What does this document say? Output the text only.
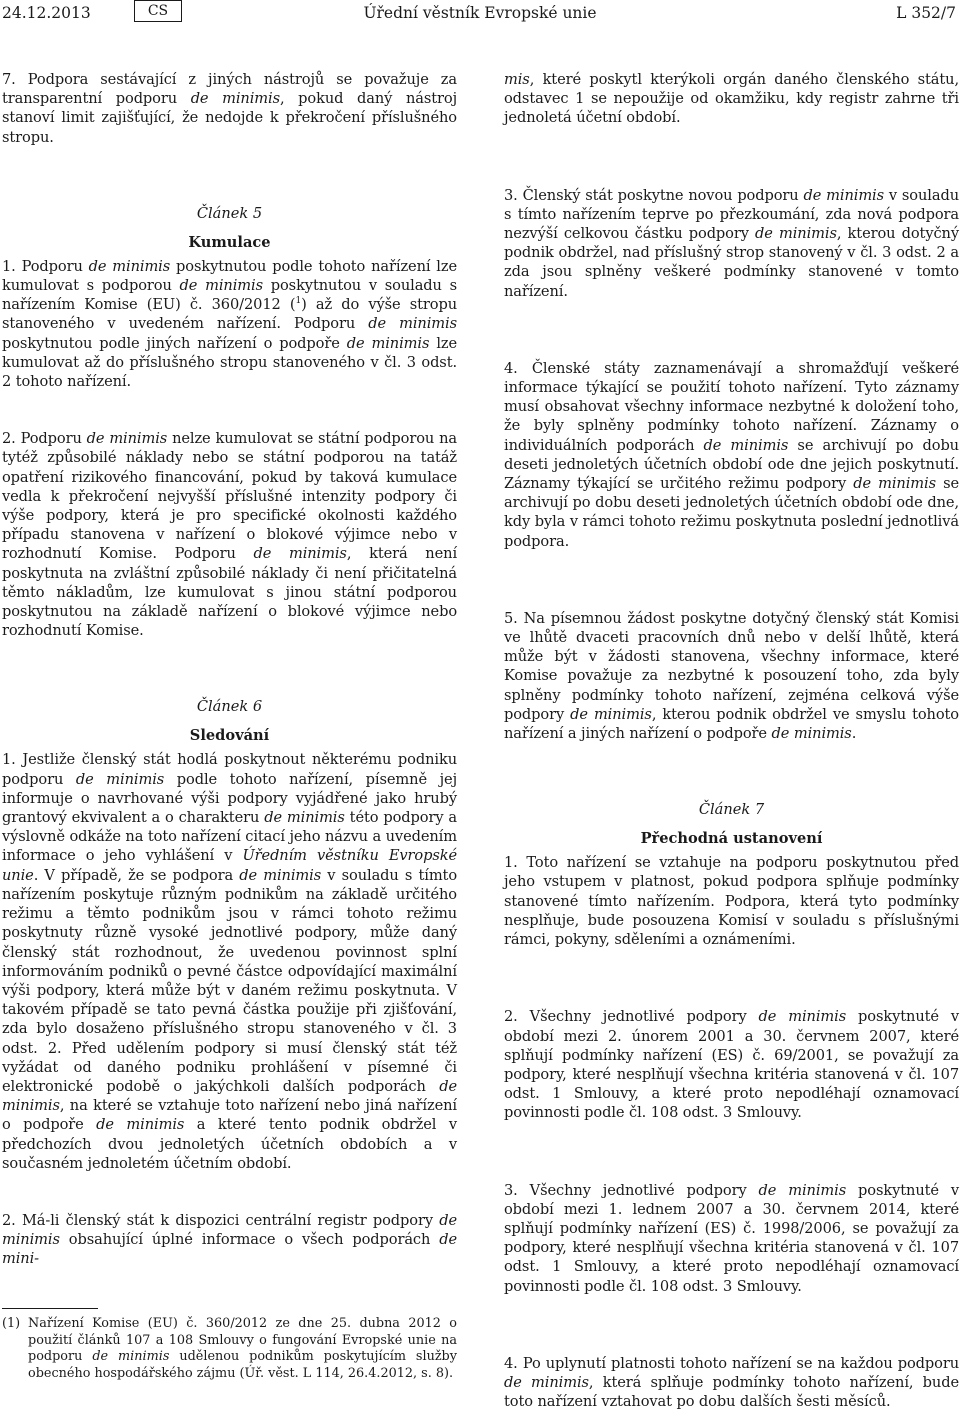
24.12.2013	CS	Úřední věstník Evropské unie	L 352/7

7. Podpora sestávající z jiných nástrojů se považuje za transparentní podporu de minimis, pokud daný nástroj stanoví limit zajišťující, že nedojde k překročení příslušného stropu.

Článek 5

Kumulace

1. Podporu de minimis poskytnutou podle tohoto nařízení lze kumulovat s podporou de minimis poskytnutou v souladu s nařízením Komise (EU) č. 360/2012 ($^1$) až do výše stropu stanoveného v uvedeném nařízení. Podporu de minimis poskytnutou podle jiných nařízení o podpoře de minimis lze kumulovat až do příslušného stropu stanoveného v čl. 3 odst. 2 tohoto nařízení.

2. Podporu de minimis nelze kumulovat se státní podporou na tytéž způsobilé náklady nebo se státní podporou na tatáž opatření rizikového financování, pokud by taková kumulace vedla k překročení nejvyšší příslušné intenzity podpory či výše podpory, která je pro specifické okolnosti každého případu stanovena v nařízení o blokové výjimce nebo v rozhodnutí Komise. Podporu de minimis, která není poskytnuta na zvláštní způsobilé náklady či není přičitatelná těmto nákladům, lze kumulovat s jinou státní podporou poskytnutou na základě nařízení o blokové výjimce nebo rozhodnutí Komise.

Článek 6

Sledování

1. Jestliže členský stát hodlá poskytnout některému podniku podporu de minimis podle tohoto nařízení, písemně jej informuje o navrhované výši podpory vyjádřené jako hrubý grantový ekvivalent a o charakteru de minimis této podpory a výslovně odkáže na toto nařízení citací jeho názvu a uvedením informace o jeho vyhlášení v Úředním věstníku Evropské unie. V případě, že se podpora de minimis v souladu s tímto nařízením poskytuje různým podnikům na základě určitého režimu a těmto podnikům jsou v rámci tohoto režimu poskytnuty různě vysoké jednotlivé podpory, může daný členský stát rozhodnout, že uvedenou povinnost splní informováním podniků o pevné částce odpovídající maximální výši podpory, která může být v daném režimu poskytnuta. V takovém případě se tato pevná částka použije při zjišťování, zda bylo dosaženo příslušného stropu stanoveného v čl. 3 odst. 2. Před udělením podpory si musí členský stát též vyžádat od daného podniku prohlášení v písemné či elektronické podobě o jakýchkoli dalších podporách de minimis, na které se vztahuje toto nařízení nebo jiná nařízení o podpoře de minimis a které tento podnik obdržel v předchozích dvou jednoletých účetních obdobích a v současném jednoletém účetním období.

2. Má-li členský stát k dispozici centrální registr podpory de minimis obsahující úplné informace o všech podporách de mini-

mis, které poskytl kterýkoli orgán daného členského státu, odstavec 1 se nepoužije od okamžiku, kdy registr zahrne tři jednoletá účetní období.

3. Členský stát poskytne novou podporu de minimis v souladu s tímto nařízením teprve po přezkoumání, zda nová podpora nezvýší celkovou částku podpory de minimis, kterou dotyčný podnik obdržel, nad příslušný strop stanovený v čl. 3 odst. 2 a zda jsou splněny veškeré podmínky stanovené v tomto nařízení.

4. Členské státy zaznamenávají a shromažďují veškeré informace týkající se použití tohoto nařízení. Tyto záznamy musí obsahovat všechny informace nezbytné k doložení toho, že byly splněny podmínky tohoto nařízení. Záznamy o individuálních podporách de minimis se archivují po dobu deseti jednoletých účetních období ode dne jejich poskytnutí. Záznamy týkající se určitého režimu podpory de minimis se archivují po dobu deseti jednoletých účetních období ode dne, kdy byla v rámci tohoto režimu poskytnuta poslední jednotlivá podpora.

5. Na písemnou žádost poskytne dotyčný členský stát Komisi ve lhůtě dvaceti pracovních dnů nebo v delší lhůtě, která může být v žádosti stanovena, všechny informace, které Komise považuje za nezbytné k posouzení toho, zda byly splněny podmínky tohoto nařízení, zejména celková výše podpory de minimis, kterou podnik obdržel ve smyslu tohoto nařízení a jiných nařízení o podpoře de minimis.

Článek 7

Přechodná ustanovení

1. Toto nařízení se vztahuje na podporu poskytnutou před jeho vstupem v platnost, pokud podpora splňuje podmínky stanovené tímto nařízením. Podpora, která tyto podmínky nesplňuje, bude posouzena Komisí v souladu s příslušnými rámci, pokyny, sděleními a oznámeními.

2. Všechny jednotlivé podpory de minimis poskytnuté v období mezi 2. únorem 2001 a 30. červnem 2007, které splňují podmínky nařízení (ES) č. 69/2001, se považují za podpory, které nesplňují všechna kritéria stanovená v čl. 107 odst. 1 Smlouvy, a které proto nepodléhají oznamovací povinnosti podle čl. 108 odst. 3 Smlouvy.

3. Všechny jednotlivé podpory de minimis poskytnuté v období mezi 1. lednem 2007 a 30. červnem 2014, které splňují podmínky nařízení (ES) č. 1998/2006, se považují za podpory, které nesplňují všechna kritéria stanovená v čl. 107 odst. 1 Smlouvy, a které proto nepodléhají oznamovací povinnosti podle čl. 108 odst. 3 Smlouvy.

4. Po uplynutí platnosti tohoto nařízení se na každou podporu de minimis, která splňuje podmínky tohoto nařízení, bude toto nařízení vztahovat po dobu dalších šesti měsíců.

(1) Nařízení Komise (EU) č. 360/2012 ze dne 25. dubna 2012 o použití článků 107 a 108 Smlouvy o fungování Evropské unie na podporu de minimis udělenou podnikům poskytujícím služby obecného hospodářského zájmu (Úř. věst. L 114, 26.4.2012, s. 8).
